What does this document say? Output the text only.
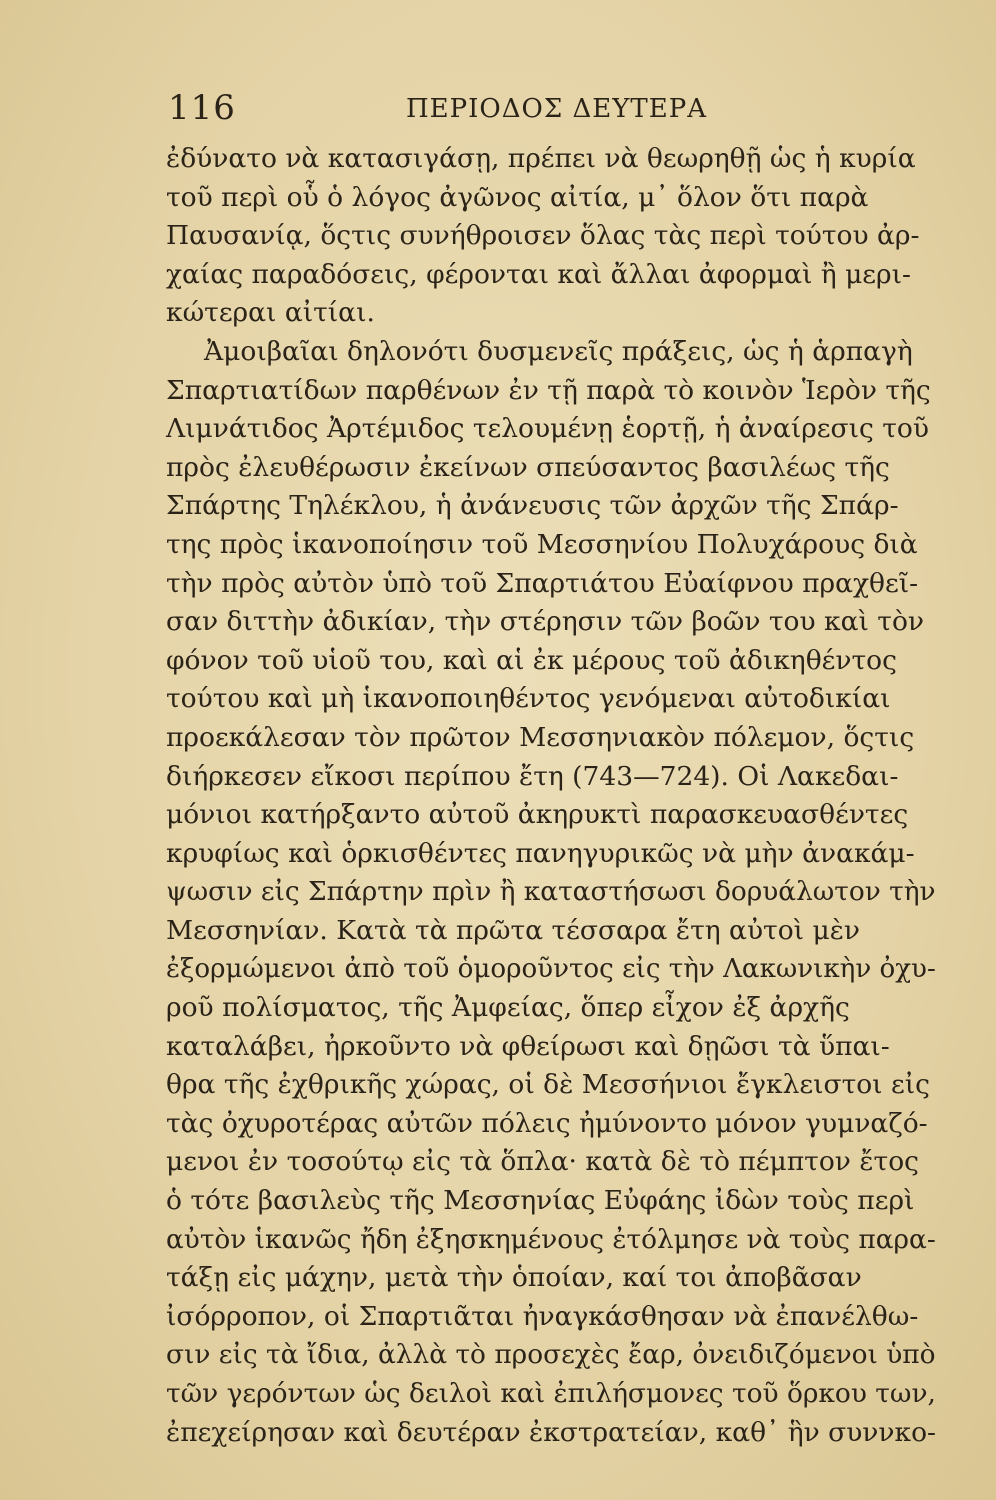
116	ΠΕΡΙΟΔΟΣ ΔΕΥΤΕΡΑ
ἐδύνατο νὰ κατασιγάσῃ, πρέπει νὰ θεωρηθῇ ὡς ἡ κυρία
τοῦ περὶ οὗ ὁ λόγος ἀγῶνος αἰτία, μ᾽ ὅλον ὅτι παρὰ
Παυσανίᾳ, ὅςτις συνήθροισεν ὅλας τὰς περὶ τούτου ἀρ-
χαίας παραδόσεις, φέρονται καὶ ἄλλαι ἀφορμαὶ ἢ μερι-
κώτεραι αἰτίαι.
Ἀμοιβαῖαι δηλονότι δυσμενεῖς πράξεις, ὡς ἡ ἁρπαγὴ
Σπαρτιατίδων παρθένων ἐν τῇ παρὰ τὸ κοινὸν Ἱερὸν τῆς
Λιμνάτιδος Ἀρτέμιδος τελουμένῃ ἑορτῇ, ἡ ἀναίρεσις τοῦ
πρὸς ἐλευθέρωσιν ἐκείνων σπεύσαντος βασιλέως τῆς
Σπάρτης Τηλέκλου, ἡ ἀνάνευσις τῶν ἀρχῶν τῆς Σπάρ-
της πρὸς ἱκανοποίησιν τοῦ Μεσσηνίου Πολυχάρους διὰ
τὴν πρὸς αὐτὸν ὑπὸ τοῦ Σπαρτιάτου Εὐαίφνου πραχθεῖ-
σαν διττὴν ἀδικίαν, τὴν στέρησιν τῶν βοῶν του καὶ τὸν
φόνον τοῦ υἱοῦ του, καὶ αἱ ἐκ μέρους τοῦ ἀδικηθέντος
τούτου καὶ μὴ ἱκανοποιηθέντος γενόμεναι αὐτοδικίαι
προεκάλεσαν τὸν πρῶτον Μεσσηνιακὸν πόλεμον, ὅςτις
διήρκεσεν εἴκοσι περίπου ἔτη (743—724). Οἱ Λακεδαι-
μόνιοι κατήρξαντο αὐτοῦ ἀκηρυκτὶ παρασκευασθέντες
κρυφίως καὶ ὁρκισθέντες πανηγυρικῶς νὰ μὴν ἀνακάμ-
ψωσιν εἰς Σπάρτην πρὶν ἢ καταστήσωσι δορυάλωτον τὴν
Μεσσηνίαν. Κατὰ τὰ πρῶτα τέσσαρα ἔτη αὐτοὶ μὲν
ἐξορμώμενοι ἀπὸ τοῦ ὁμοροῦντος εἰς τὴν Λακωνικὴν ὀχυ-
ροῦ πολίσματος, τῆς Ἀμφείας, ὅπερ εἶχον ἐξ ἀρχῆς
καταλάβει, ἠρκοῦντο νὰ φθείρωσι καὶ δῃῶσι τὰ ὕπαι-
θρα τῆς ἐχθρικῆς χώρας, οἱ δὲ Μεσσήνιοι ἔγκλειστοι εἰς
τὰς ὀχυροτέρας αὐτῶν πόλεις ἠμύνοντο μόνον γυμναζό-
μενοι ἐν τοσούτῳ εἰς τὰ ὅπλα· κατὰ δὲ τὸ πέμπτον ἔτος
ὁ τότε βασιλεὺς τῆς Μεσσηνίας Εὐφάης ἰδὼν τοὺς περὶ
αὐτὸν ἱκανῶς ἤδη ἐξησκημένους ἐτόλμησε νὰ τοὺς παρα-
τάξῃ εἰς μάχην, μετὰ τὴν ὁποίαν, καί τοι ἀποβᾶσαν
ἰσόρροπον, οἱ Σπαρτιᾶται ἠναγκάσθησαν νὰ ἐπανέλθω-
σιν εἰς τὰ ἴδια, ἀλλὰ τὸ προσεχὲς ἔαρ, ὀνειδιζόμενοι ὑπὸ
τῶν γερόντων ὡς δειλοὶ καὶ ἐπιλήσμονες τοῦ ὅρκου των,
ἐπεχείρησαν καὶ δευτέραν ἐκστρατείαν, καθ᾽ ἣν συννκο-
